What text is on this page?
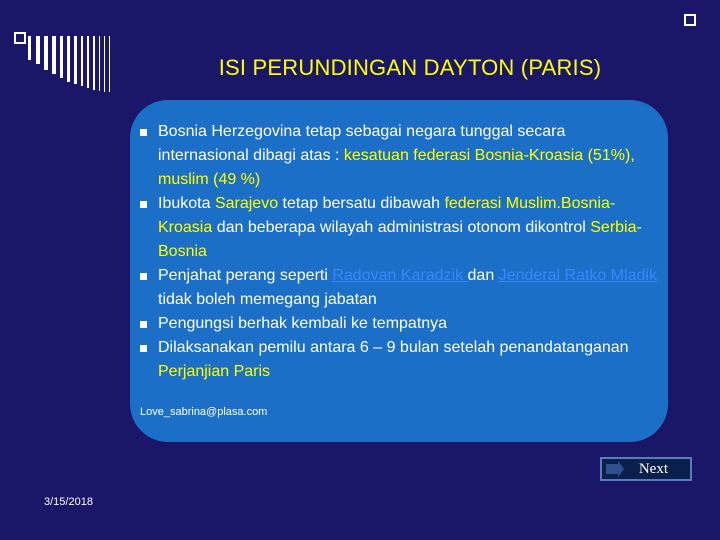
ISI PERUNDINGAN DAYTON (PARIS)
Bosnia Herzegovina tetap sebagai negara tunggal secara internasional dibagi atas : kesatuan federasi Bosnia-Kroasia (51%), muslim (49 %)
Ibukota Sarajevo tetap bersatu dibawah federasi Muslim.Bosnia-Kroasia dan beberapa wilayah administrasi otonom dikontrol Serbia-Bosnia
Penjahat perang seperti Radovan Karadzik dan Jenderal Ratko Mladik tidak boleh memegang jabatan
Pengungsi berhak kembali ke tempatnya
Dilaksanakan pemilu antara 6 – 9 bulan setelah penandatanganan Perjanjian Paris
Love_sabrina@plasa.com
Next
3/15/2018
